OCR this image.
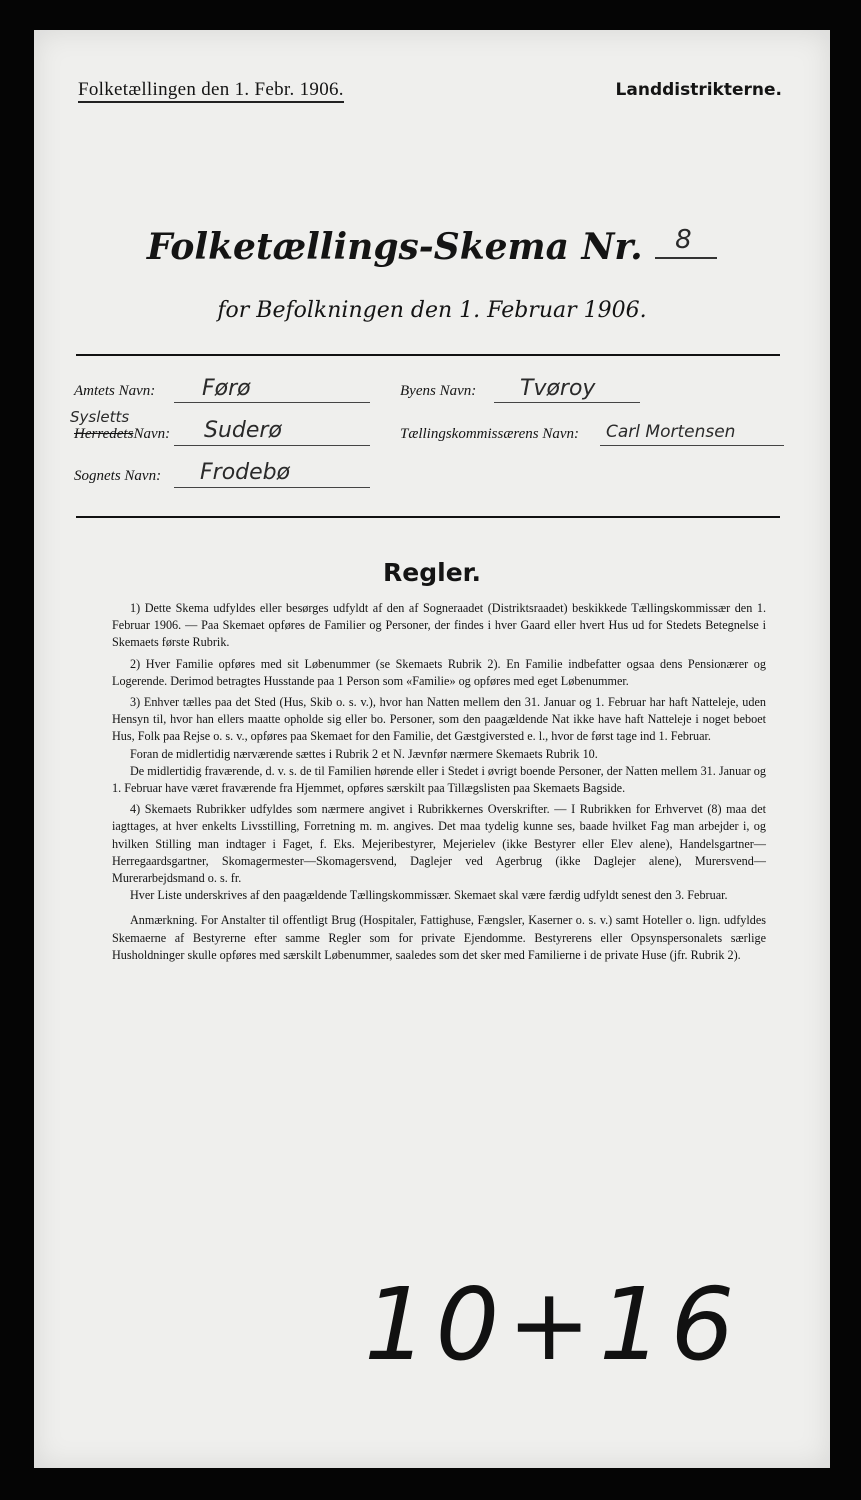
Folketællingen den 1. Febr. 1906.	Landdistrikterne.
Folketællings-Skema Nr. 8
for Befolkningen den 1. Februar 1906.
Amtets Navn: Førø
Sysletts
HerredetsNavn: Suderø
Sognets Navn: Frodebø
Byens Navn: Tvøroy
Tællingskommissærens Navn: Carl Mortensen
Regler.

1) Dette Skema udfyldes eller besørges udfyldt af den af Sogneraadet (Distriktsraadet) beskikkede Tællingskommissær den 1. Februar 1906. — Paa Skemaet opføres de Familier og Personer, der findes i hver Gaard eller hvert Hus ud for Stedets Betegnelse i Skemaets første Rubrik.

2) Hver Familie opføres med sit Løbenummer (se Skemaets Rubrik 2). En Familie indbefatter ogsaa dens Pensionærer og Logerende. Derimod betragtes Husstande paa 1 Person som «Familie» og opføres med eget Løbenummer.

3) Enhver tælles paa det Sted (Hus, Skib o. s. v.), hvor han Natten mellem den 31. Januar og 1. Februar har haft Natteleje, uden Hensyn til, hvor han ellers maatte opholde sig eller bo. Personer, som den paagældende Nat ikke have haft Natteleje i noget beboet Hus, Folk paa Rejse o. s. v., opføres paa Skemaet for den Familie, det Gæstgiversted e. l., hvor de først tage ind 1. Februar.

Foran de midlertidig nærværende sættes i Rubrik 2 et N. Jævnfør nærmere Skemaets Rubrik 10.

De midlertidig fraværende, d. v. s. de til Familien hørende eller i Stedet i øvrigt boende Personer, der Natten mellem 31. Januar og 1. Februar have været fraværende fra Hjemmet, opføres særskilt paa Tillægslisten paa Skemaets Bagside.

4) Skemaets Rubrikker udfyldes som nærmere angivet i Rubrikkernes Overskrifter. — I Rubrikken for Erhvervet (8) maa det iagttages, at hver enkelts Livsstilling, Forretning m. m. angives. Det maa tydelig kunne ses, baade hvilket Fag man arbejder i, og hvilken Stilling man indtager i Faget, f. Eks. Mejeribestyrer, Mejerielev (ikke Bestyrer eller Elev alene), Handelsgartner—Herregaardsgartner, Skomagermester—Skomagersvend, Daglejer ved Agerbrug (ikke Daglejer alene), Murersvend—Murerarbejdsmand o. s. fr.

Hver Liste underskrives af den paagældende Tællingskommissær. Skemaet skal være færdig udfyldt senest den 3. Februar.

Anmærkning. For Anstalter til offentligt Brug (Hospitaler, Fattighuse, Fængsler, Kaserner o. s. v.) samt Hoteller o. lign. udfyldes Skemaerne af Bestyrerne efter samme Regler som for private Ejendomme. Bestyrerens eller Opsynspersonalets særlige Husholdninger skulle opføres med særskilt Løbenummer, saaledes som det sker med Familierne i de private Huse (jfr. Rubrik 2).

10+16
